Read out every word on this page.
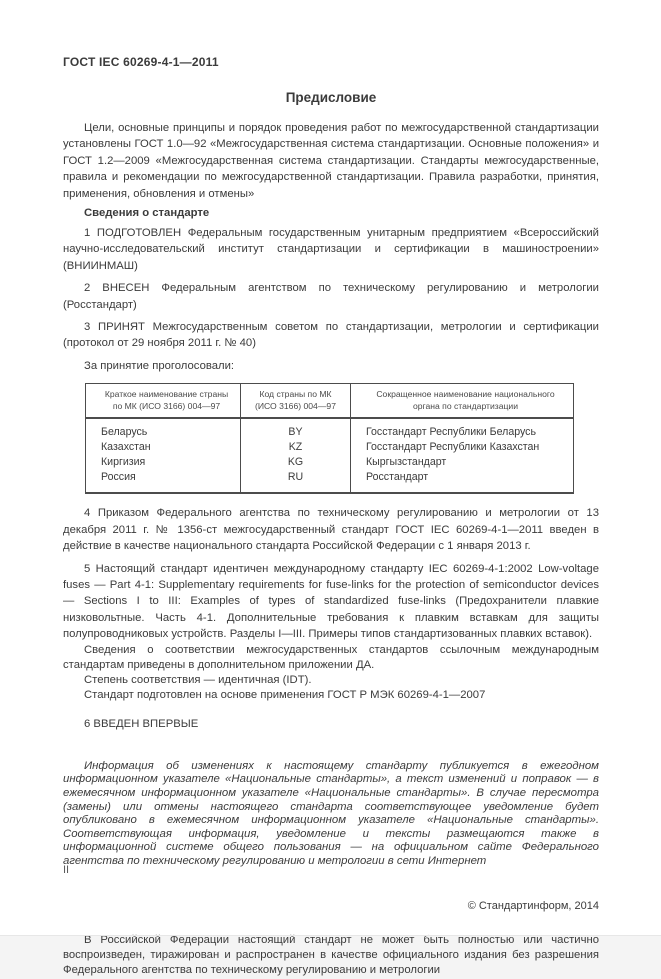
ГОСТ IEC 60269-4-1—2011
Предисловие

Цели, основные принципы и порядок проведения работ по межгосударственной стандартизации установлены ГОСТ 1.0—92 «Межгосударственная система стандартизации. Основные положения» и ГОСТ 1.2—2009 «Межгосударственная система стандартизации. Стандарты межгосударственные, правила и рекомендации по межгосударственной стандартизации. Правила разработки, принятия, применения, обновления и отмены»

Сведения о стандарте

1 ПОДГОТОВЛЕН Федеральным государственным унитарным предприятием «Всероссийский научно-исследовательский институт стандартизации и сертификации в машиностроении» (ВНИИНМАШ)

2 ВНЕСЕН Федеральным агентством по техническому регулированию и метрологии (Росстандарт)

3 ПРИНЯТ Межгосударственным советом по стандартизации, метрологии и сертификации (протокол от 29 ноября 2011 г. № 40)

За принятие проголосовали:

Краткое наименование страны по МК (ИСО 3166) 004—97	Код страны по МК (ИСО 3166) 004—97	Сокращенное наименование национального органа по стандартизации
Беларусь	BY	Госстандарт Республики Беларусь
Казахстан	KZ	Госстандарт Республики Казахстан
Киргизия	KG	Кыргызстандарт
Россия	RU	Росстандарт

4 Приказом Федерального агентства по техническому регулированию и метрологии от 13 декабря 2011 г. № 1356-ст межгосударственный стандарт ГОСТ IEC 60269-4-1—2011 введен в действие в качестве национального стандарта Российской Федерации с 1 января 2013 г.

5 Настоящий стандарт идентичен международному стандарту IEC 60269-4-1:2002 Low-voltage fuses — Part 4-1: Supplementary requirements for fuse-links for the protection of semiconductor devices — Sections I to III: Examples of types of standardized fuse-links (Предохранители плавкие низковольтные. Часть 4-1. Дополнительные требования к плавким вставкам для защиты полупроводниковых устройств. Разделы I—III. Примеры типов стандартизованных плавких вставок).

Сведения о соответствии межгосударственных стандартов ссылочным международным стандартам приведены в дополнительном приложении ДА.

Степень соответствия — идентичная (IDT).

Стандарт подготовлен на основе применения ГОСТ Р МЭК 60269-4-1—2007

6 ВВЕДЕН ВПЕРВЫЕ

Информация об изменениях к настоящему стандарту публикуется в ежегодном информационном указателе «Национальные стандарты», а текст изменений и поправок — в ежемесячном информационном указателе «Национальные стандарты». В случае пересмотра (замены) или отмены настоящего стандарта соответствующее уведомление будет опубликовано в ежемесячном информационном указателе «Национальные стандарты». Соответствующая информация, уведомление и тексты размещаются также в информационной системе общего пользования — на официальном сайте Федерального агентства по техническому регулированию и метрологии в сети Интернет

© Стандартинформ, 2014

В Российской Федерации настоящий стандарт не может быть полностью или частично воспроизведен, тиражирован и распространен в качестве официального издания без разрешения Федерального агентства по техническому регулированию и метрологии

II
